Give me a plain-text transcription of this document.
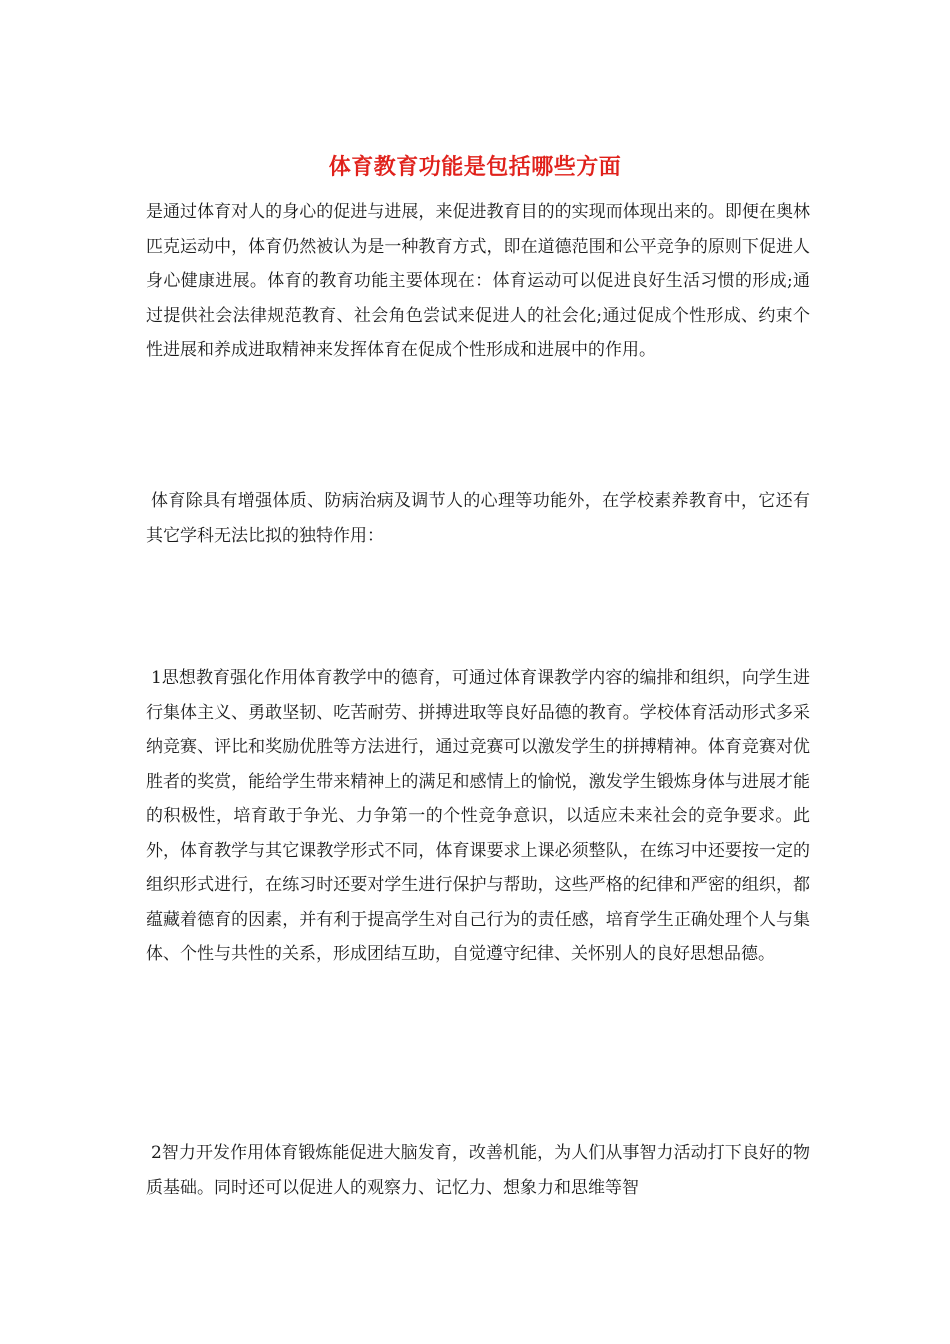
体育教育功能是包括哪些方面

是通过体育对人的身心的促进与进展，来促进教育目的的实现而体现出来的。即便在奥林匹克运动中，体育仍然被认为是一种教育方式，即在道德范围和公平竞争的原则下促进人身心健康进展。体育的教育功能主要体现在：体育运动可以促进良好生活习惯的形成;通过提供社会法律规范教育、社会角色尝试来促进人的社会化;通过促成个性形成、约束个性进展和养成进取精神来发挥体育在促成个性形成和进展中的作用。

体育除具有增强体质、防病治病及调节人的心理等功能外，在学校素养教育中，它还有其它学科无法比拟的独特作用：

1思想教育强化作用体育教学中的德育，可通过体育课教学内容的编排和组织，向学生进行集体主义、勇敢坚韧、吃苦耐劳、拼搏进取等良好品德的教育。学校体育活动形式多采纳竞赛、评比和奖励优胜等方法进行，通过竞赛可以激发学生的拼搏精神。体育竞赛对优胜者的奖赏，能给学生带来精神上的满足和感情上的愉悦，激发学生锻炼身体与进展才能的积极性，培育敢于争光、力争第一的个性竞争意识，以适应未来社会的竞争要求。此外，体育教学与其它课教学形式不同，体育课要求上课必须整队，在练习中还要按一定的组织形式进行，在练习时还要对学生进行保护与帮助，这些严格的纪律和严密的组织，都蕴藏着德育的因素，并有利于提高学生对自己行为的责任感，培育学生正确处理个人与集体、个性与共性的关系，形成团结互助，自觉遵守纪律、关怀别人的良好思想品德。

2智力开发作用体育锻炼能促进大脑发育，改善机能，为人们从事智力活动打下良好的物质基础。同时还可以促进人的观察力、记忆力、想象力和思维等智
